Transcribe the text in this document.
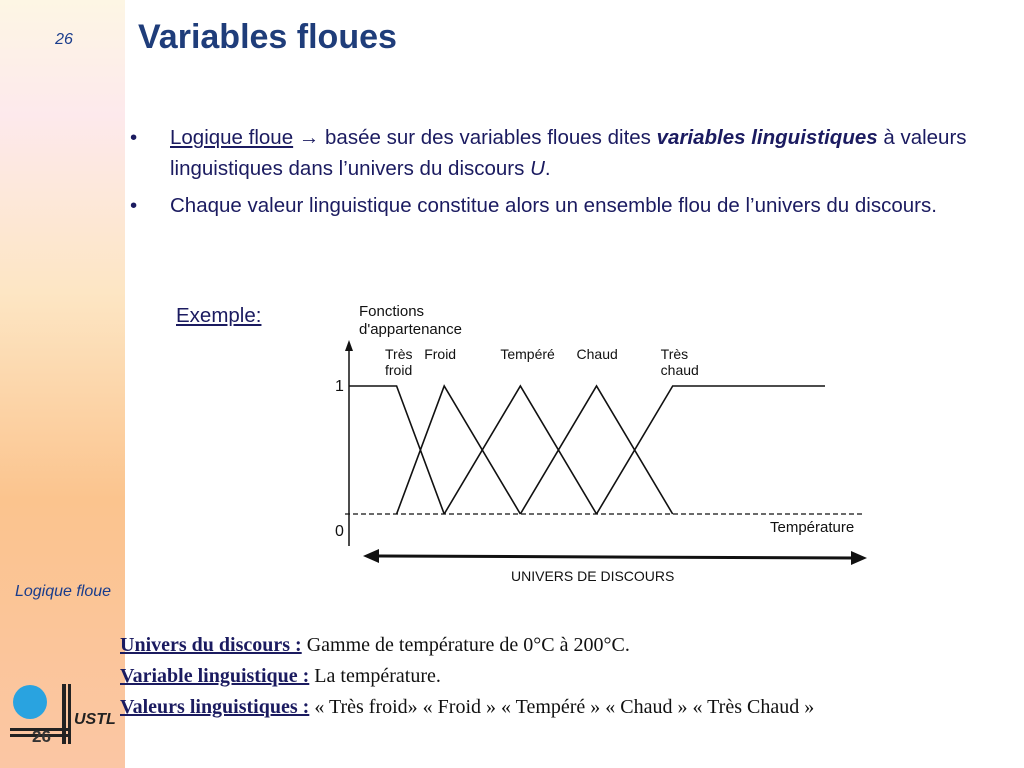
26
Logique floue
26
USTL
Variables floues
• Logique floue → basée sur des variables floues dites variables linguistiques à valeurs linguistiques dans l’univers du discours U.
• Chaque valeur linguistique constitue alors un ensemble flou de l’univers du discours.
Exemple:	Fonctions
d'appartenance
1
0	Température
UNIVERS DE DISCOURS
Très
froid
Froid	Tempéré Chaud	Très
chaud
Univers du discours : Gamme de température de 0°C à 200°C.
Variable linguistique : La température.
Valeurs linguistiques : « Très froid» « Froid » « Tempéré » « Chaud » « Très Chaud »
